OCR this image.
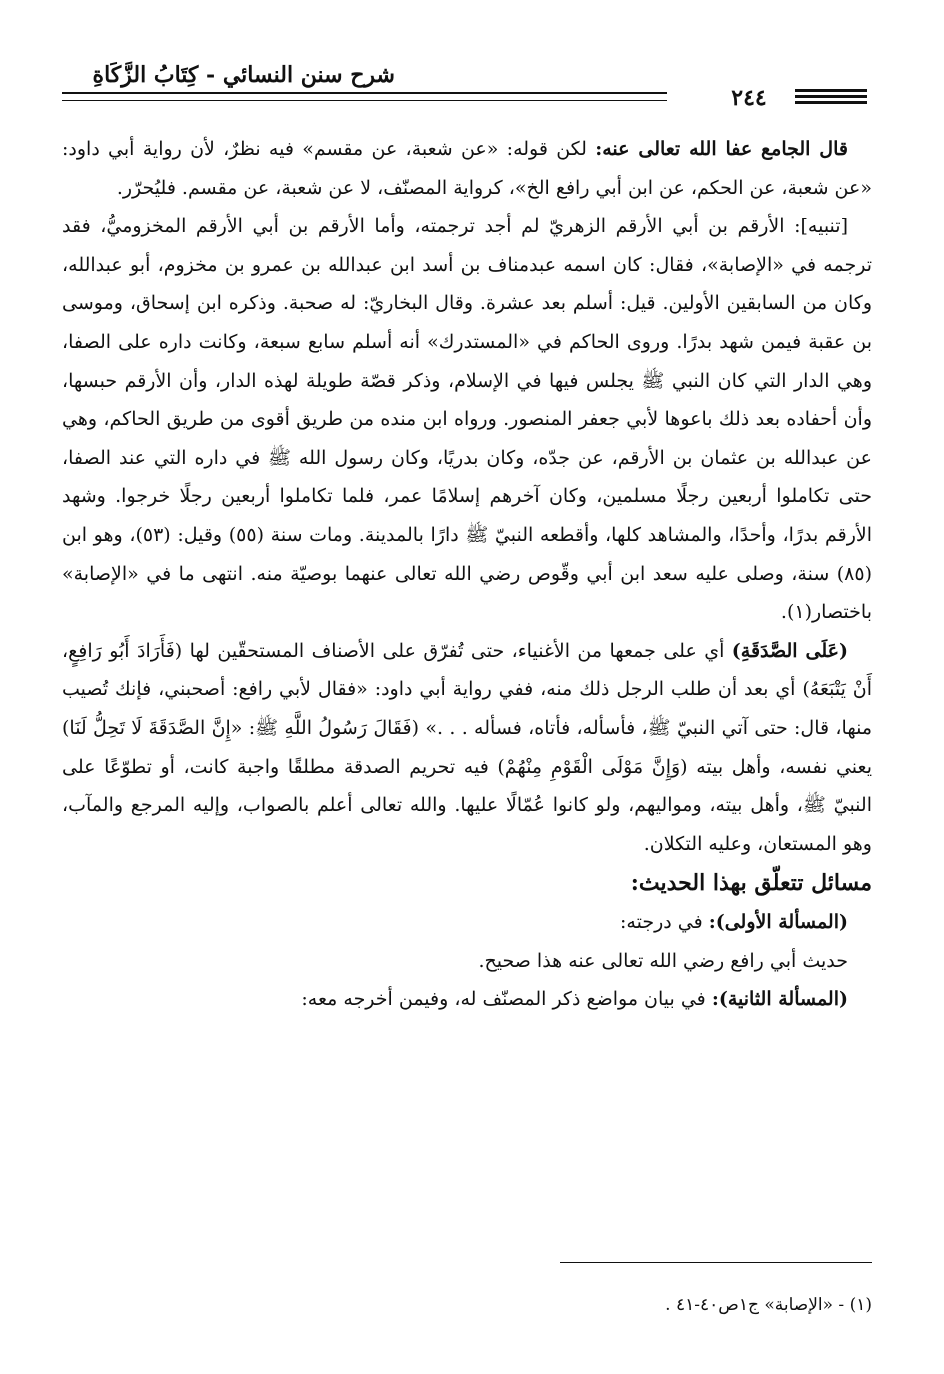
شرح سنن النسائي - كِتَابُ الزَّكَاةِ
٢٤٤

قال الجامع عفا الله تعالى عنه: لكن قوله: «عن شعبة، عن مقسم» فيه نظرٌ، لأن رواية أبي داود: «عن شعبة، عن الحكم، عن ابن أبي رافع الخ»، كرواية المصنّف، لا عن شعبة، عن مقسم. فليُحرّر.

[تنبيه]: الأرقم بن أبي الأرقم الزهريّ لم أجد ترجمته، وأما الأرقم بن أبي الأرقم المخزوميُّ، فقد ترجمه في «الإصابة»، فقال: كان اسمه عبدمناف بن أسد ابن عبدالله بن عمرو بن مخزوم، أبو عبدالله، وكان من السابقين الأولين. قيل: أسلم بعد عشرة. وقال البخاريّ: له صحبة. وذكره ابن إسحاق، وموسى بن عقبة فيمن شهد بدرًا. وروى الحاكم في «المستدرك» أنه أسلم سابع سبعة، وكانت داره على الصفا، وهي الدار التي كان النبي ﷺ يجلس فيها في الإسلام، وذكر قصّة طويلة لهذه الدار، وأن الأرقم حبسها، وأن أحفاده بعد ذلك باعوها لأبي جعفر المنصور. ورواه ابن منده من طريق أقوى من طريق الحاكم، وهي عن عبدالله بن عثمان بن الأرقم، عن جدّه، وكان بدريًا، وكان رسول الله ﷺ في داره التي عند الصفا، حتى تكاملوا أربعين رجلًا مسلمين، وكان آخرهم إسلامًا عمر، فلما تكاملوا أربعين رجلًا خرجوا. وشهد الأرقم بدرًا، وأحدًا، والمشاهد كلها، وأقطعه النبيّ ﷺ دارًا بالمدينة. ومات سنة (٥٥) وقيل: (٥٣)، وهو ابن (٨٥) سنة، وصلى عليه سعد ابن أبي وقّوص رضي الله تعالى عنهما بوصيّة منه. انتهى ما في «الإصابة» باختصار(١).

(عَلَى الصَّدَقَةِ) أي على جمعها من الأغنياء، حتى تُفرّق على الأصناف المستحقّين لها (فَأَرَادَ أَبُو رَافِعٍ، أَنْ يَتْبَعَهُ) أي بعد أن طلب الرجل ذلك منه، ففي رواية أبي داود: «فقال لأبي رافع: أصحبني، فإنك تُصيب منها، قال: حتى آتي النبيّ ﷺ، فأسأله، فأتاه، فسأله . . .» (فَقَالَ رَسُولُ اللَّهِ ﷺ: «إِنَّ الصَّدَقَةَ لَا تَحِلُّ لَنَا) يعني نفسه، وأهل بيته (وَإِنَّ مَوْلَى الْقَوْمِ مِنْهُمْ) فيه تحريم الصدقة مطلقًا واجبة كانت، أو تطوّعًا على النبيّ ﷺ، وأهل بيته، ومواليهم، ولو كانوا عُمّالًا عليها. والله تعالى أعلم بالصواب، وإليه المرجع والمآب، وهو المستعان، وعليه التكلان.

مسائل تتعلّق بهذا الحديث:

(المسألة الأولى): في درجته:

حديث أبي رافع رضي الله تعالى عنه هذا صحيح.

(المسألة الثانية): في بيان مواضع ذكر المصنّف له، وفيمن أخرجه معه:

(١) - «الإصابة» ج١ص٤٠-٤١ .
